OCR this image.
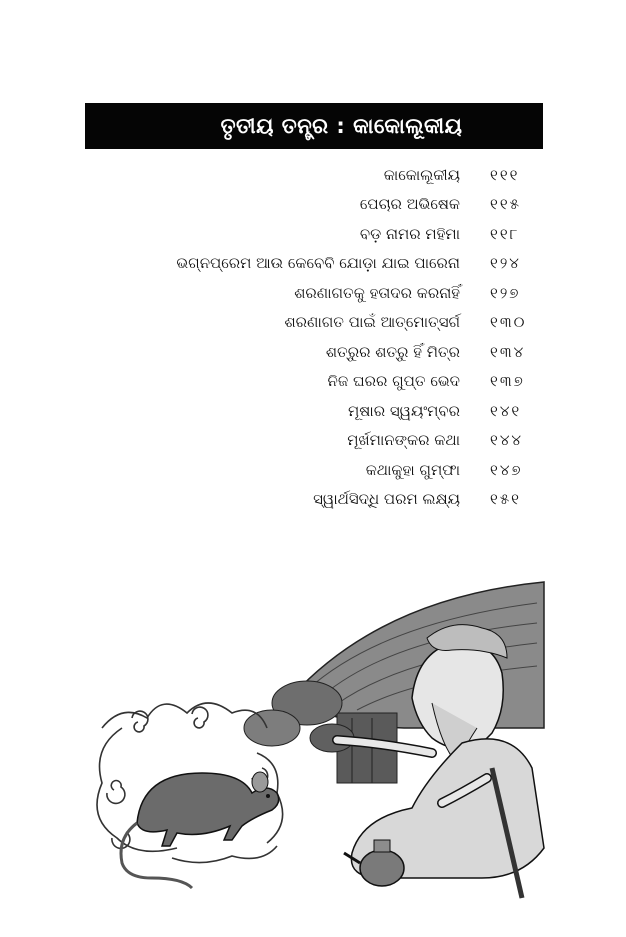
ତୃତୀୟ ତନ୍ତ୍ର : କାକୋଲୂକୀୟ
କାକୋଲୂକୀୟ ୧୧୧
ପେଚାର ଅଭିଷେକ ୧୧୫
ବଡ଼ ନାମର ମହିମା ୧୧୮
ଭଗ୍ନପ୍ରେମ ଆଉ କେବେବି ଯୋଡ଼ା ଯାଇ ପାରେନା ୧୨୪
ଶରଣାଗତକୁ ହତାଦର କରନାହିଁ ୧୨୭
ଶରଣାଗତ ପାଇଁ ଆତ୍ମୋତ୍ସର୍ଗ ୧୩୦
ଶତ୍ରୁର ଶତ୍ରୁ ହିଁ ମିତ୍ର ୧୩୪
ନିଜ ଘରର ଗୁପ୍ତ ଭେଦ ୧୩୭
ମୂଷାର ସ୍ୱୟଂମ୍ବର ୧୪୧
ମୂର୍ଖମାନଙ୍କର କଥା ୧୪୪
କଥାକୁହା ଗୁମ୍ଫା ୧୪୭
ସ୍ୱାର୍ଥସିଦ୍ଧି ପରମ ଲକ୍ଷ୍ୟ ୧୫୧
